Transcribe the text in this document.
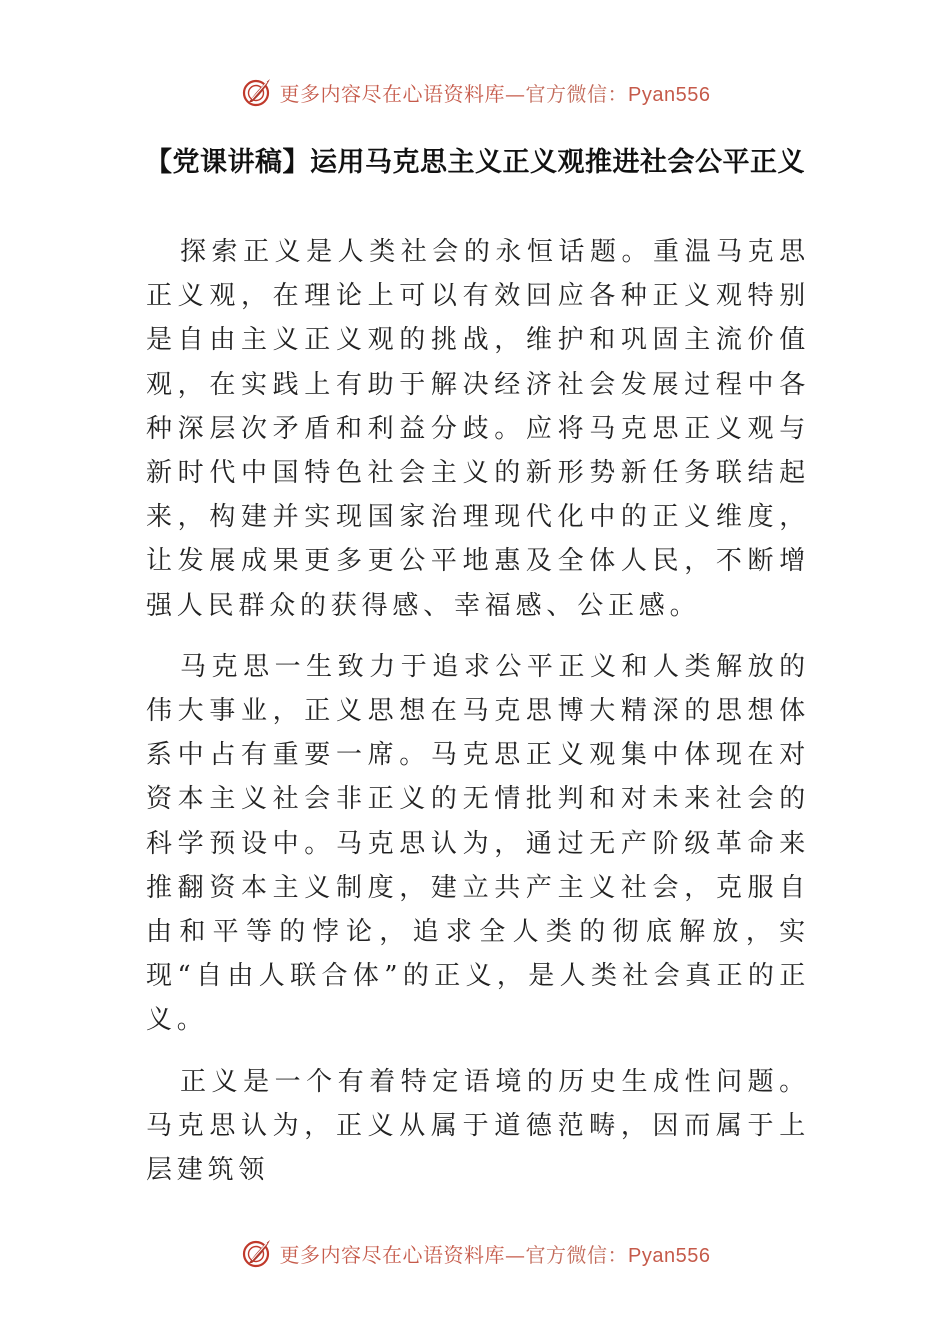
更多内容尽在心语资料库—官方微信：Pyan556
【党课讲稿】运用马克思主义正义观推进社会公平正义

探索正义是人类社会的永恒话题。重温马克思正义观，在理论上可以有效回应各种正义观特别是自由主义正义观的挑战，维护和巩固主流价值观，在实践上有助于解决经济社会发展过程中各种深层次矛盾和利益分歧。应将马克思正义观与新时代中国特色社会主义的新形势新任务联结起来，构建并实现国家治理现代化中的正义维度，让发展成果更多更公平地惠及全体人民，不断增强人民群众的获得感、幸福感、公正感。

马克思一生致力于追求公平正义和人类解放的伟大事业，正义思想在马克思博大精深的思想体系中占有重要一席。马克思正义观集中体现在对资本主义社会非正义的无情批判和对未来社会的科学预设中。马克思认为，通过无产阶级革命来推翻资本主义制度，建立共产主义社会，克服自由和平等的悖论，追求全人类的彻底解放，实现“自由人联合体”的正义，是人类社会真正的正义。

正义是一个有着特定语境的历史生成性问题。马克思认为，正义从属于道德范畴，因而属于上层建筑领

更多内容尽在心语资料库—官方微信：Pyan556
